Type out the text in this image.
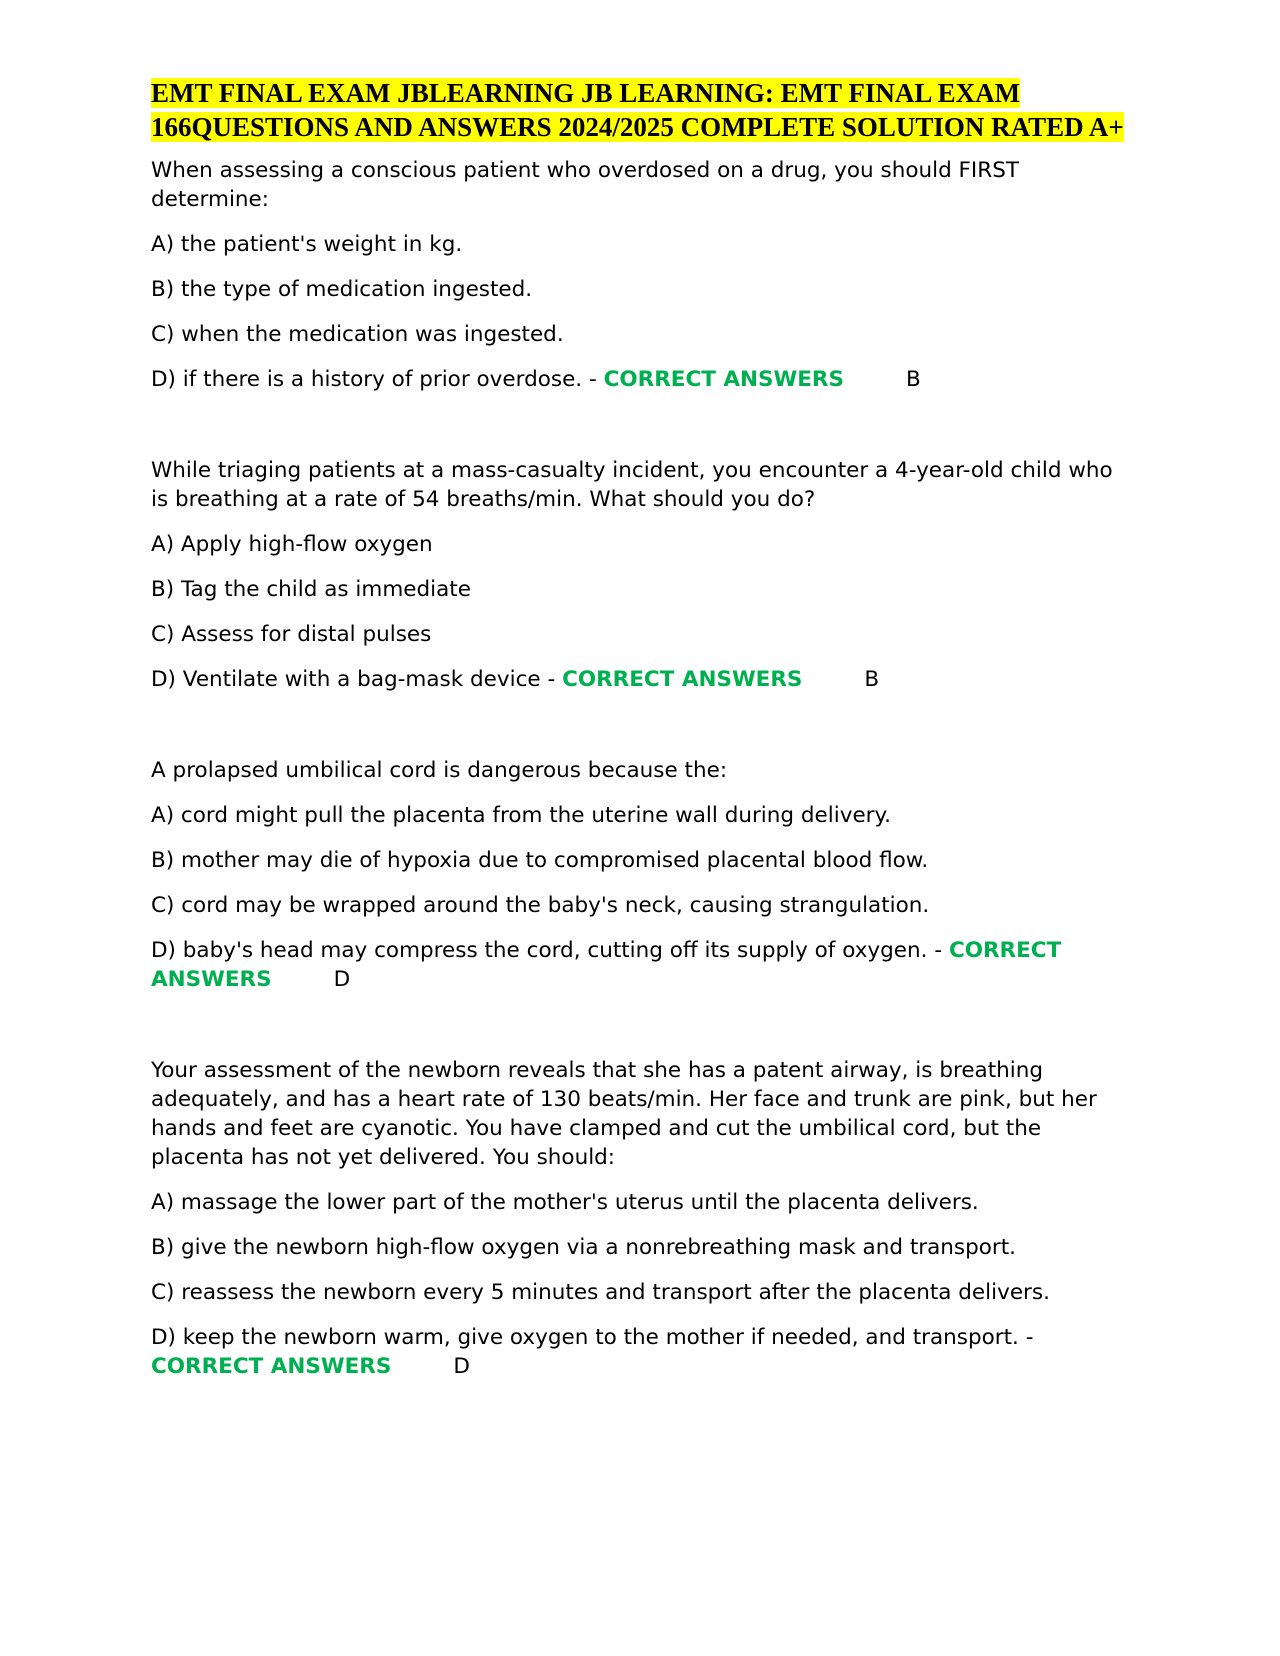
EMT FINAL EXAM JBLEARNING JB LEARNING: EMT FINAL EXAM 166QUESTIONS AND ANSWERS 2024/2025 COMPLETE SOLUTION RATED A+

When assessing a conscious patient who overdosed on a drug, you should FIRST determine:

A) the patient's weight in kg.

B) the type of medication ingested.

C) when the medication was ingested.

D) if there is a history of prior overdose. - CORRECT ANSWERS	B

While triaging patients at a mass-casualty incident, you encounter a 4-year-old child who is breathing at a rate of 54 breaths/min. What should you do?

A) Apply high-flow oxygen

B) Tag the child as immediate

C) Assess for distal pulses

D) Ventilate with a bag-mask device - CORRECT ANSWERS	B

A prolapsed umbilical cord is dangerous because the:

A) cord might pull the placenta from the uterine wall during delivery.

B) mother may die of hypoxia due to compromised placental blood flow.

C) cord may be wrapped around the baby's neck, causing strangulation.

D) baby's head may compress the cord, cutting off its supply of oxygen. - CORRECT ANSWERS	D

Your assessment of the newborn reveals that she has a patent airway, is breathing adequately, and has a heart rate of 130 beats/min. Her face and trunk are pink, but her hands and feet are cyanotic. You have clamped and cut the umbilical cord, but the placenta has not yet delivered. You should:

A) massage the lower part of the mother's uterus until the placenta delivers.

B) give the newborn high-flow oxygen via a nonrebreathing mask and transport.

C) reassess the newborn every 5 minutes and transport after the placenta delivers.

D) keep the newborn warm, give oxygen to the mother if needed, and transport. - CORRECT ANSWERS	D
